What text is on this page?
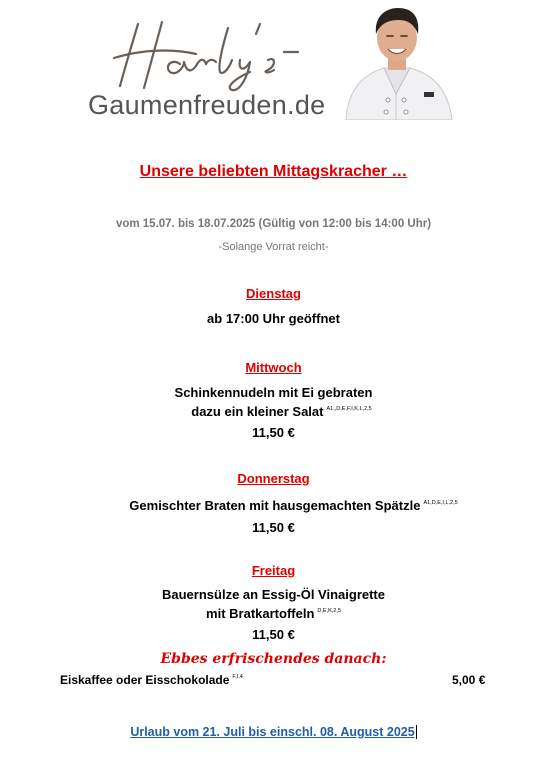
Gaumenfreuden.de
Unsere beliebten Mittagskracher …
vom 15.07. bis 18.07.2025 (Gültig von 12:00 bis 14:00 Uhr)
-Solange Vorrat reicht-
Dienstag
ab 17:00 Uhr geöffnet
Mittwoch
Schinkennudeln mit Ei gebraten
dazu ein kleiner Salat $^{A1,,D,E,F,I,K,L,2,5}$
11,50 €
Donnerstag
Gemischter Braten mit hausgemachten Spätzle $^{A1,D,E,I,L,2,5}$
11,50 €
Freitag
Bauernsülze an Essig-Öl Vinaigrette
mit Bratkartoffeln $^{D,E,K,2,5}$
11,50 €
Ebbes erfrischendes danach:
Eiskaffee oder Eisschokolade $^{F,I,4}$	5,00 €
Urlaub vom 21. Juli bis einschl. 08. August 2025
